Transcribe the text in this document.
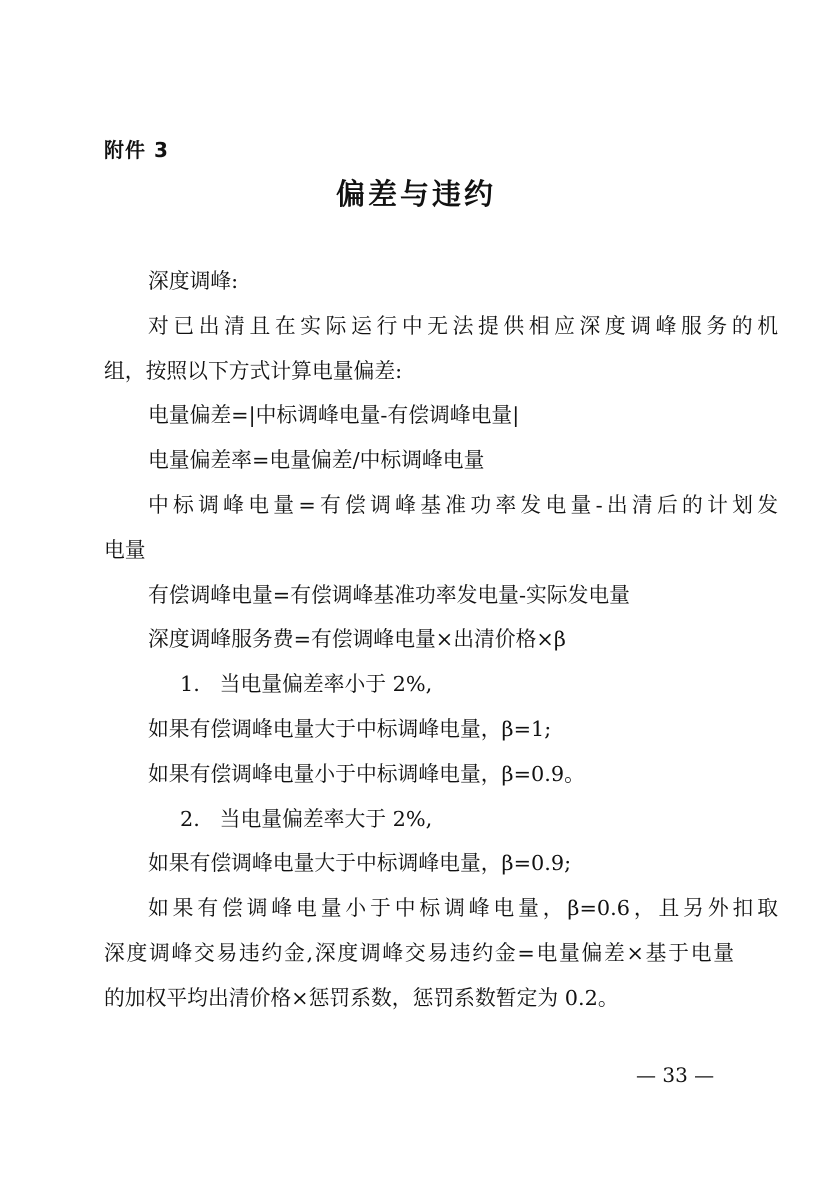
附件 3
偏差与违约
深度调峰:
对已出清且在实际运行中无法提供相应深度调峰服务的机
组，按照以下方式计算电量偏差:
电量偏差=|中标调峰电量-有偿调峰电量|
电量偏差率=电量偏差/中标调峰电量
中标调峰电量=有偿调峰基准功率发电量-出清后的计划发
电量
有偿调峰电量=有偿调峰基准功率发电量-实际发电量
深度调峰服务费=有偿调峰电量×出清价格×β
1.   当电量偏差率小于 2%,
如果有偿调峰电量大于中标调峰电量，β=1;
如果有偿调峰电量小于中标调峰电量，β=0.9。
2.   当电量偏差率大于 2%,
如果有偿调峰电量大于中标调峰电量，β=0.9;
如果有偿调峰电量小于中标调峰电量，β=0.6，且另外扣取
深度调峰交易违约金,深度调峰交易违约金=电量偏差×基于电量
的加权平均出清价格×惩罚系数，惩罚系数暂定为 0.2。
— 33 —
